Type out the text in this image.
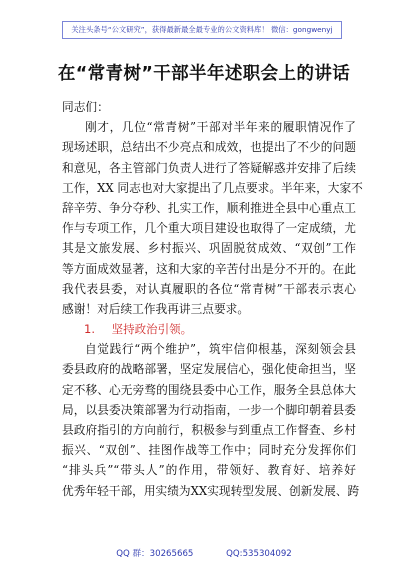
关注头条号“公文研究”，获得最新最全最专业的公文资料库！ 微信：gongwenyj
在“常青树”干部半年述职会上的讲话
同志们：
刚才，几位“常青树”干部对半年来的履职情况作了
现场述职，总结出不少亮点和成效，也提出了不少的问题
和意见，各主管部门负责人进行了答疑解惑并安排了后续
工作，XX 同志也对大家提出了几点要求。半年来，大家不
辞辛劳、争分夺秒、扎实工作，顺利推进全县中心重点工
作与专项工作，几个重大项目建设也取得了一定成绩，尤
其是文旅发展、乡村振兴、巩固脱贫成效、“双创”工作
等方面成效显著，这和大家的辛苦付出是分不开的。在此
我代表县委，对认真履职的各位“常青树”干部表示衷心
感谢！对后续工作我再讲三点要求。
1. 坚持政治引领。
自觉践行“两个维护”，筑牢信仰根基，深刻领会县
委县政府的战略部署，坚定发展信心，强化使命担当，坚
定不移、心无旁骛的围绕县委中心工作，服务全县总体大
局，以县委决策部署为行动指南，一步一个脚印朝着县委
县政府指引的方向前行，积极参与到重点工作督查、乡村
振兴、“双创”、挂图作战等工作中；同时充分发挥你们
“排头兵”“带头人”的作用，带领好、教育好、培养好
优秀年轻干部，用实绩为XX实现转型发展、创新发展、跨
QQ 群：30265665	QQ:535304092
